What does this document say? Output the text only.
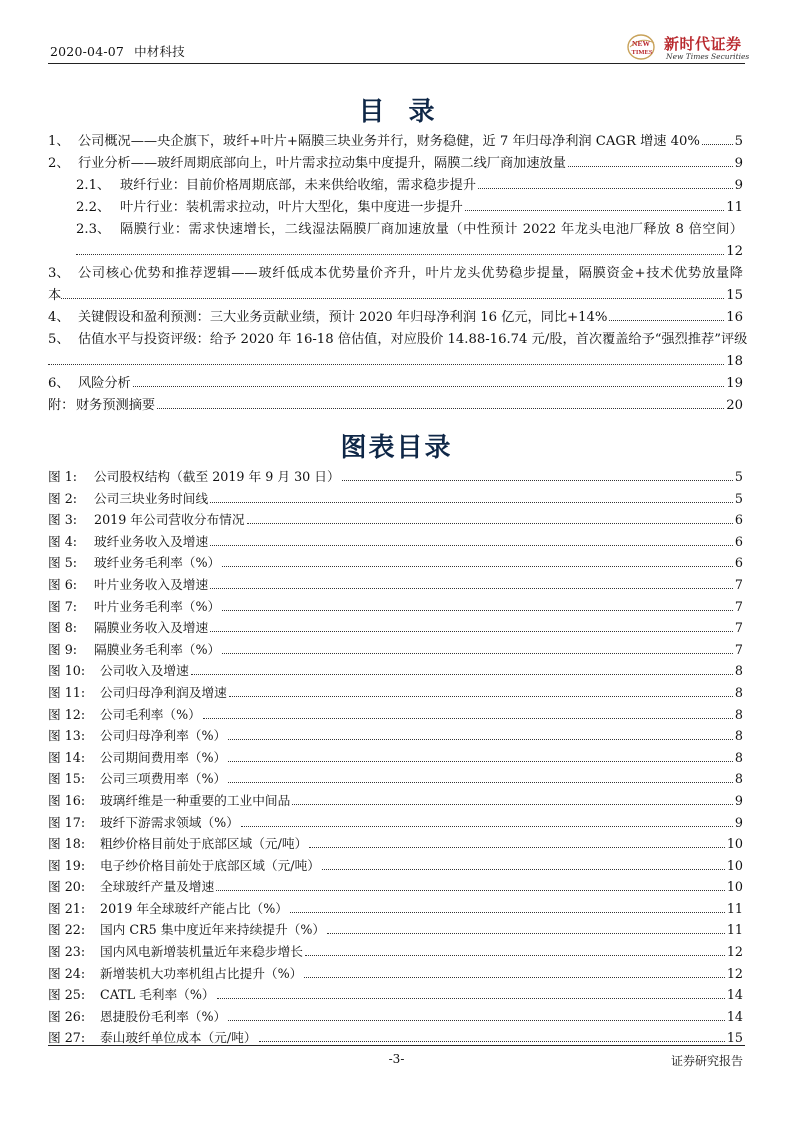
2020-04-07 中材科技
NEW
TIMES 新时代证券
New Times Securities
目录
1、 公司概况——央企旗下，玻纤+叶片+隔膜三块业务并行，财务稳健，近 7 年归母净利润 CAGR 增速 40%	5
2、 行业分析——玻纤周期底部向上，叶片需求拉动集中度提升，隔膜二线厂商加速放量	9
2.1、 玻纤行业：目前价格周期底部，未来供给收缩，需求稳步提升	9
2.2、 叶片行业：装机需求拉动，叶片大型化，集中度进一步提升	11
2.3、 隔膜行业：需求快速增长，二线湿法隔膜厂商加速放量（中性预计 2022 年龙头电池厂释放 8 倍空间）
12
3、 公司核心优势和推荐逻辑——玻纤低成本优势量价齐升，叶片龙头优势稳步提量，隔膜资金+技术优势放量降
本	15
4、 关键假设和盈利预测：三大业务贡献业绩，预计 2020 年归母净利润 16 亿元，同比+14%	16
5、 估值水平与投资评级：给予 2020 年 16-18 倍估值，对应股价 14.88-16.74 元/股，首次覆盖给予“强烈推荐”评级
18
6、 风险分析	19
附： 财务预测摘要	20
图表目录
图 1: 公司股权结构（截至 2019 年 9 月 30 日）	5
图 2: 公司三块业务时间线	5
图 3: 2019 年公司营收分布情况	6
图 4: 玻纤业务收入及增速	6
图 5: 玻纤业务毛利率（%）	6
图 6: 叶片业务收入及增速	7
图 7: 叶片业务毛利率（%）	7
图 8: 隔膜业务收入及增速	7
图 9: 隔膜业务毛利率（%）	7
图 10: 公司收入及增速	8
图 11: 公司归母净利润及增速	8
图 12: 公司毛利率（%）	8
图 13: 公司归母净利率（%）	8
图 14: 公司期间费用率（%）	8
图 15: 公司三项费用率（%）	8
图 16: 玻璃纤维是一种重要的工业中间品	9
图 17: 玻纤下游需求领域（%）	9
图 18: 粗纱价格目前处于底部区域（元/吨）	10
图 19: 电子纱价格目前处于底部区域（元/吨）	10
图 20: 全球玻纤产量及增速	10
图 21: 2019 年全球玻纤产能占比（%）	11
图 22: 国内 CR5 集中度近年来持续提升（%）	11
图 23: 国内风电新增装机量近年来稳步增长	12
图 24: 新增装机大功率机组占比提升（%）	12
图 25: CATL 毛利率（%）	14
图 26: 恩捷股份毛利率（%）	14
图 27: 泰山玻纤单位成本（元/吨）	15
-3-	证券研究报告
